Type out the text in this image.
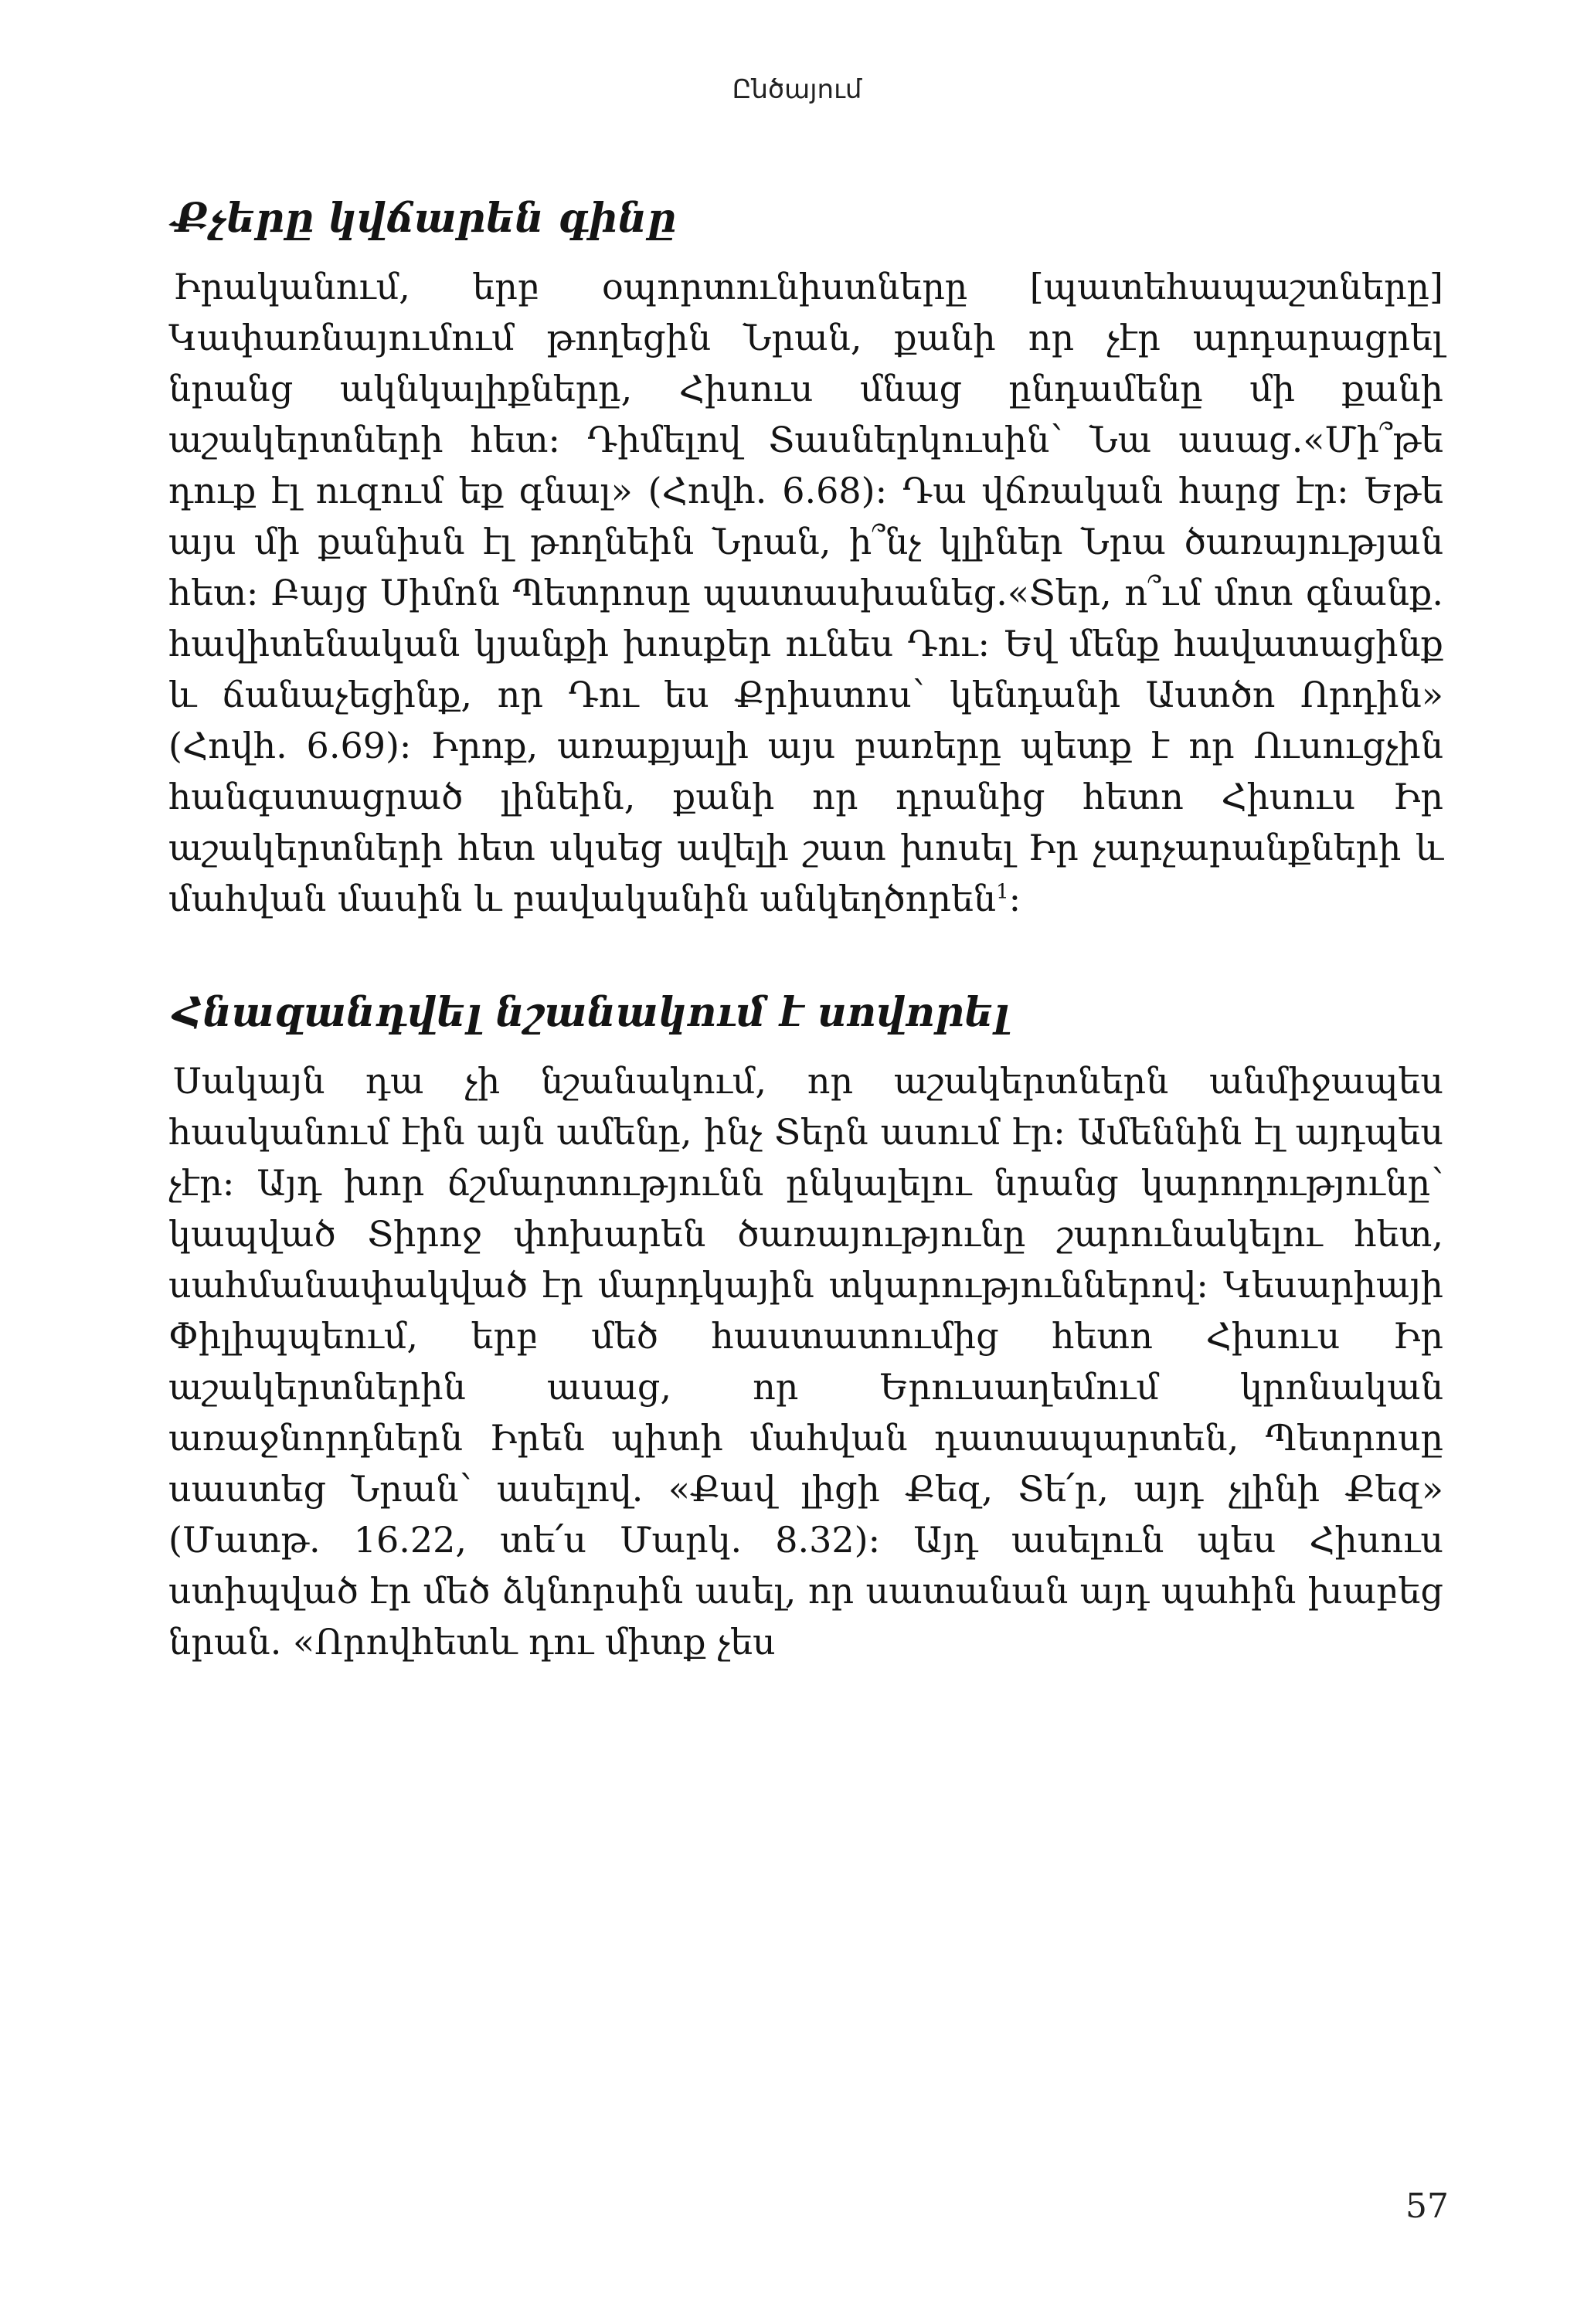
Ընծայում
Քչերը կվճարեն գինը

Իրականում, երբ օպորտունիստները [պատեհապաշտները] Կափառնայումում թողեցին Նրան, քանի որ չէր արդարացրել նրանց ակնկալիքները, Հիսուս մնաց ընդամենը մի քանի աշակերտների հետ։ Դիմելով Տասներկուսին՝ Նա ասաց.«Մի՞թե դուք էլ ուզում եք գնալ» (Հովհ. 6.68)։ Դա վճռական հարց էր։ Եթե այս մի քանիսն էլ թողնեին Նրան, ի՞նչ կլիներ Նրա ծառայության հետ։ Բայց Սիմոն Պետրոսը պատասխանեց.«Տեր, ո՞ւմ մոտ գնանք. հավիտենական կյանքի խոսքեր ունես Դու։ Եվ մենք հավատացինք և ճանաչեցինք, որ Դու ես Քրիստոս՝ կենդանի Աստծո Որդին» (Հովհ. 6.69)։ Իրոք, առաքյալի այս բառերը պետք է որ Ուսուցչին հանգստացրած լինեին, քանի որ դրանից հետո Հիսուս Իր աշակերտների հետ սկսեց ավելի շատ խոսել Իր չարչարանքների և մահվան մասին և բավականին անկեղծորեն$^1$։

Հնազանդվել նշանակում է սովորել

Սակայն դա չի նշանակում, որ աշակերտներն անմիջապես հասկանում էին այն ամենը, ինչ Տերն ասում էր։ Ամեննին էլ այդպես չէր։ Այդ խոր ճշմարտությունն ընկալելու նրանց կարողությունը՝ կապված Տիրոջ փոխարեն ծառայությունը շարունակելու հետ, սահմանափակված էր մարդկային տկարություններով։ Կեսարիայի Փիլիպպեում, երբ մեծ հաստատումից հետո Հիսուս Իր աշակերտներին ասաց, որ Երուսաղեմում կրոնական առաջնորդներն Իրեն պիտի մահվան դատապարտեն, Պետրոսը սաստեց Նրան՝ ասելով. «Քավ լիցի Քեզ, Տե՛ր, այդ չլինի Քեզ» (Մատթ. 16.22, տե՛ս Մարկ. 8.32)։ Այդ ասելուն պես Հիսուս ստիպված էր մեծ ձկնորսին ասել, որ սատանան այդ պահին խաբեց նրան. «Որովհետև դու միտք չես

57
